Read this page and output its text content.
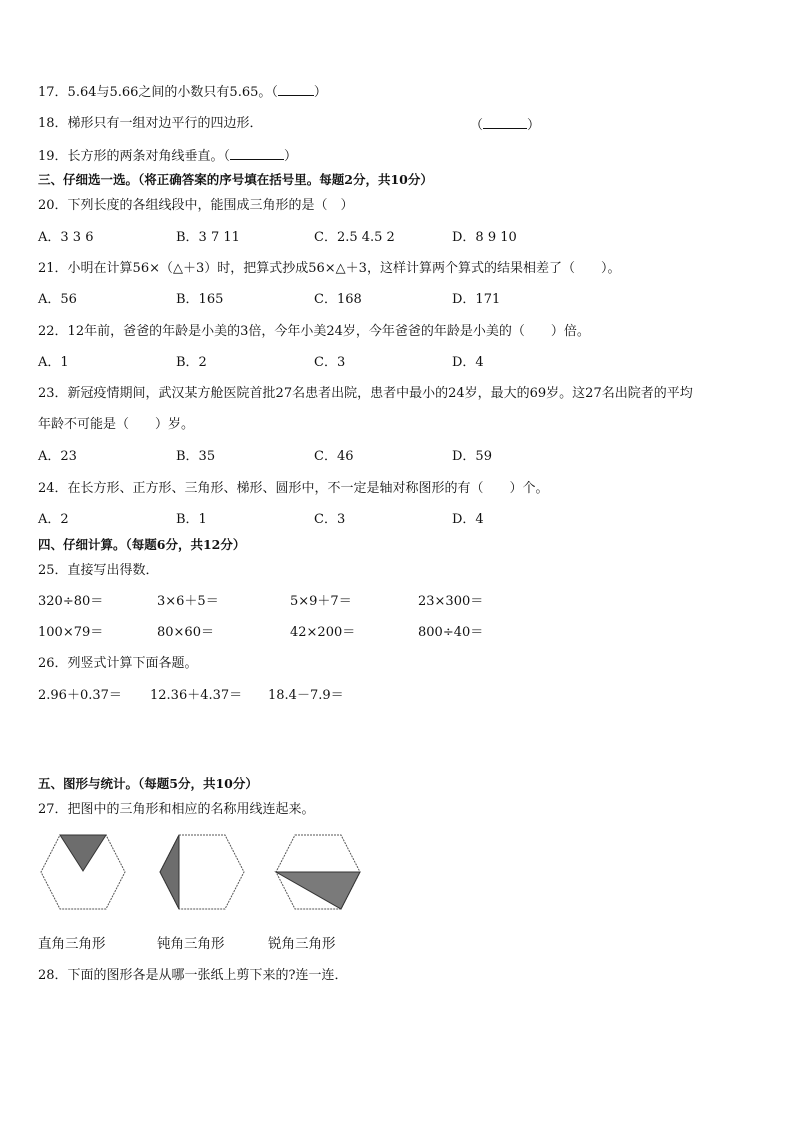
17．5.64与5.66之间的小数只有5.65。（	）
18．梯形只有一组对边平行的四边形．	（	）
19．长方形的两条对角线垂直。（	）
三、仔细选一选。（将正确答案的序号填在括号里。每题2分，共10分）
20．下列长度的各组线段中，能围成三角形的是（　）
A．3 3 6	B．3 7 11	C．2.5 4.5 2	D．8 9 10
21．小明在计算56×（△＋3）时，把算式抄成56×△＋3，这样计算两个算式的结果相差了（　　）。
A．56	B．165	C．168	D．171
22．12年前，爸爸的年龄是小美的3倍，今年小美24岁，今年爸爸的年龄是小美的（　　）倍。
A．1	B．2	C．3	D．4
23．新冠疫情期间，武汉某方舱医院首批27名患者出院，患者中最小的24岁，最大的69岁。这27名出院者的平均
年龄不可能是（　　）岁。
A．23	B．35	C．46	D．59
24．在长方形、正方形、三角形、梯形、圆形中，不一定是轴对称图形的有（　　）个。
A．2	B．1	C．3	D．4
四、仔细计算。（每题6分，共12分）
25．直接写出得数．
320÷80＝	3×6＋5＝	5×9＋7＝	23×300＝
100×79＝	80×60＝	42×200＝	800÷40＝
26．列竖式计算下面各题。
2.96＋0.37＝ 12.36＋4.37＝ 18.4－7.9＝
五、图形与统计。（每题5分，共10分）
27．把图中的三角形和相应的名称用线连起来。
直角三角形	钝角三角形	锐角三角形
28．下面的图形各是从哪一张纸上剪下来的?连一连．
